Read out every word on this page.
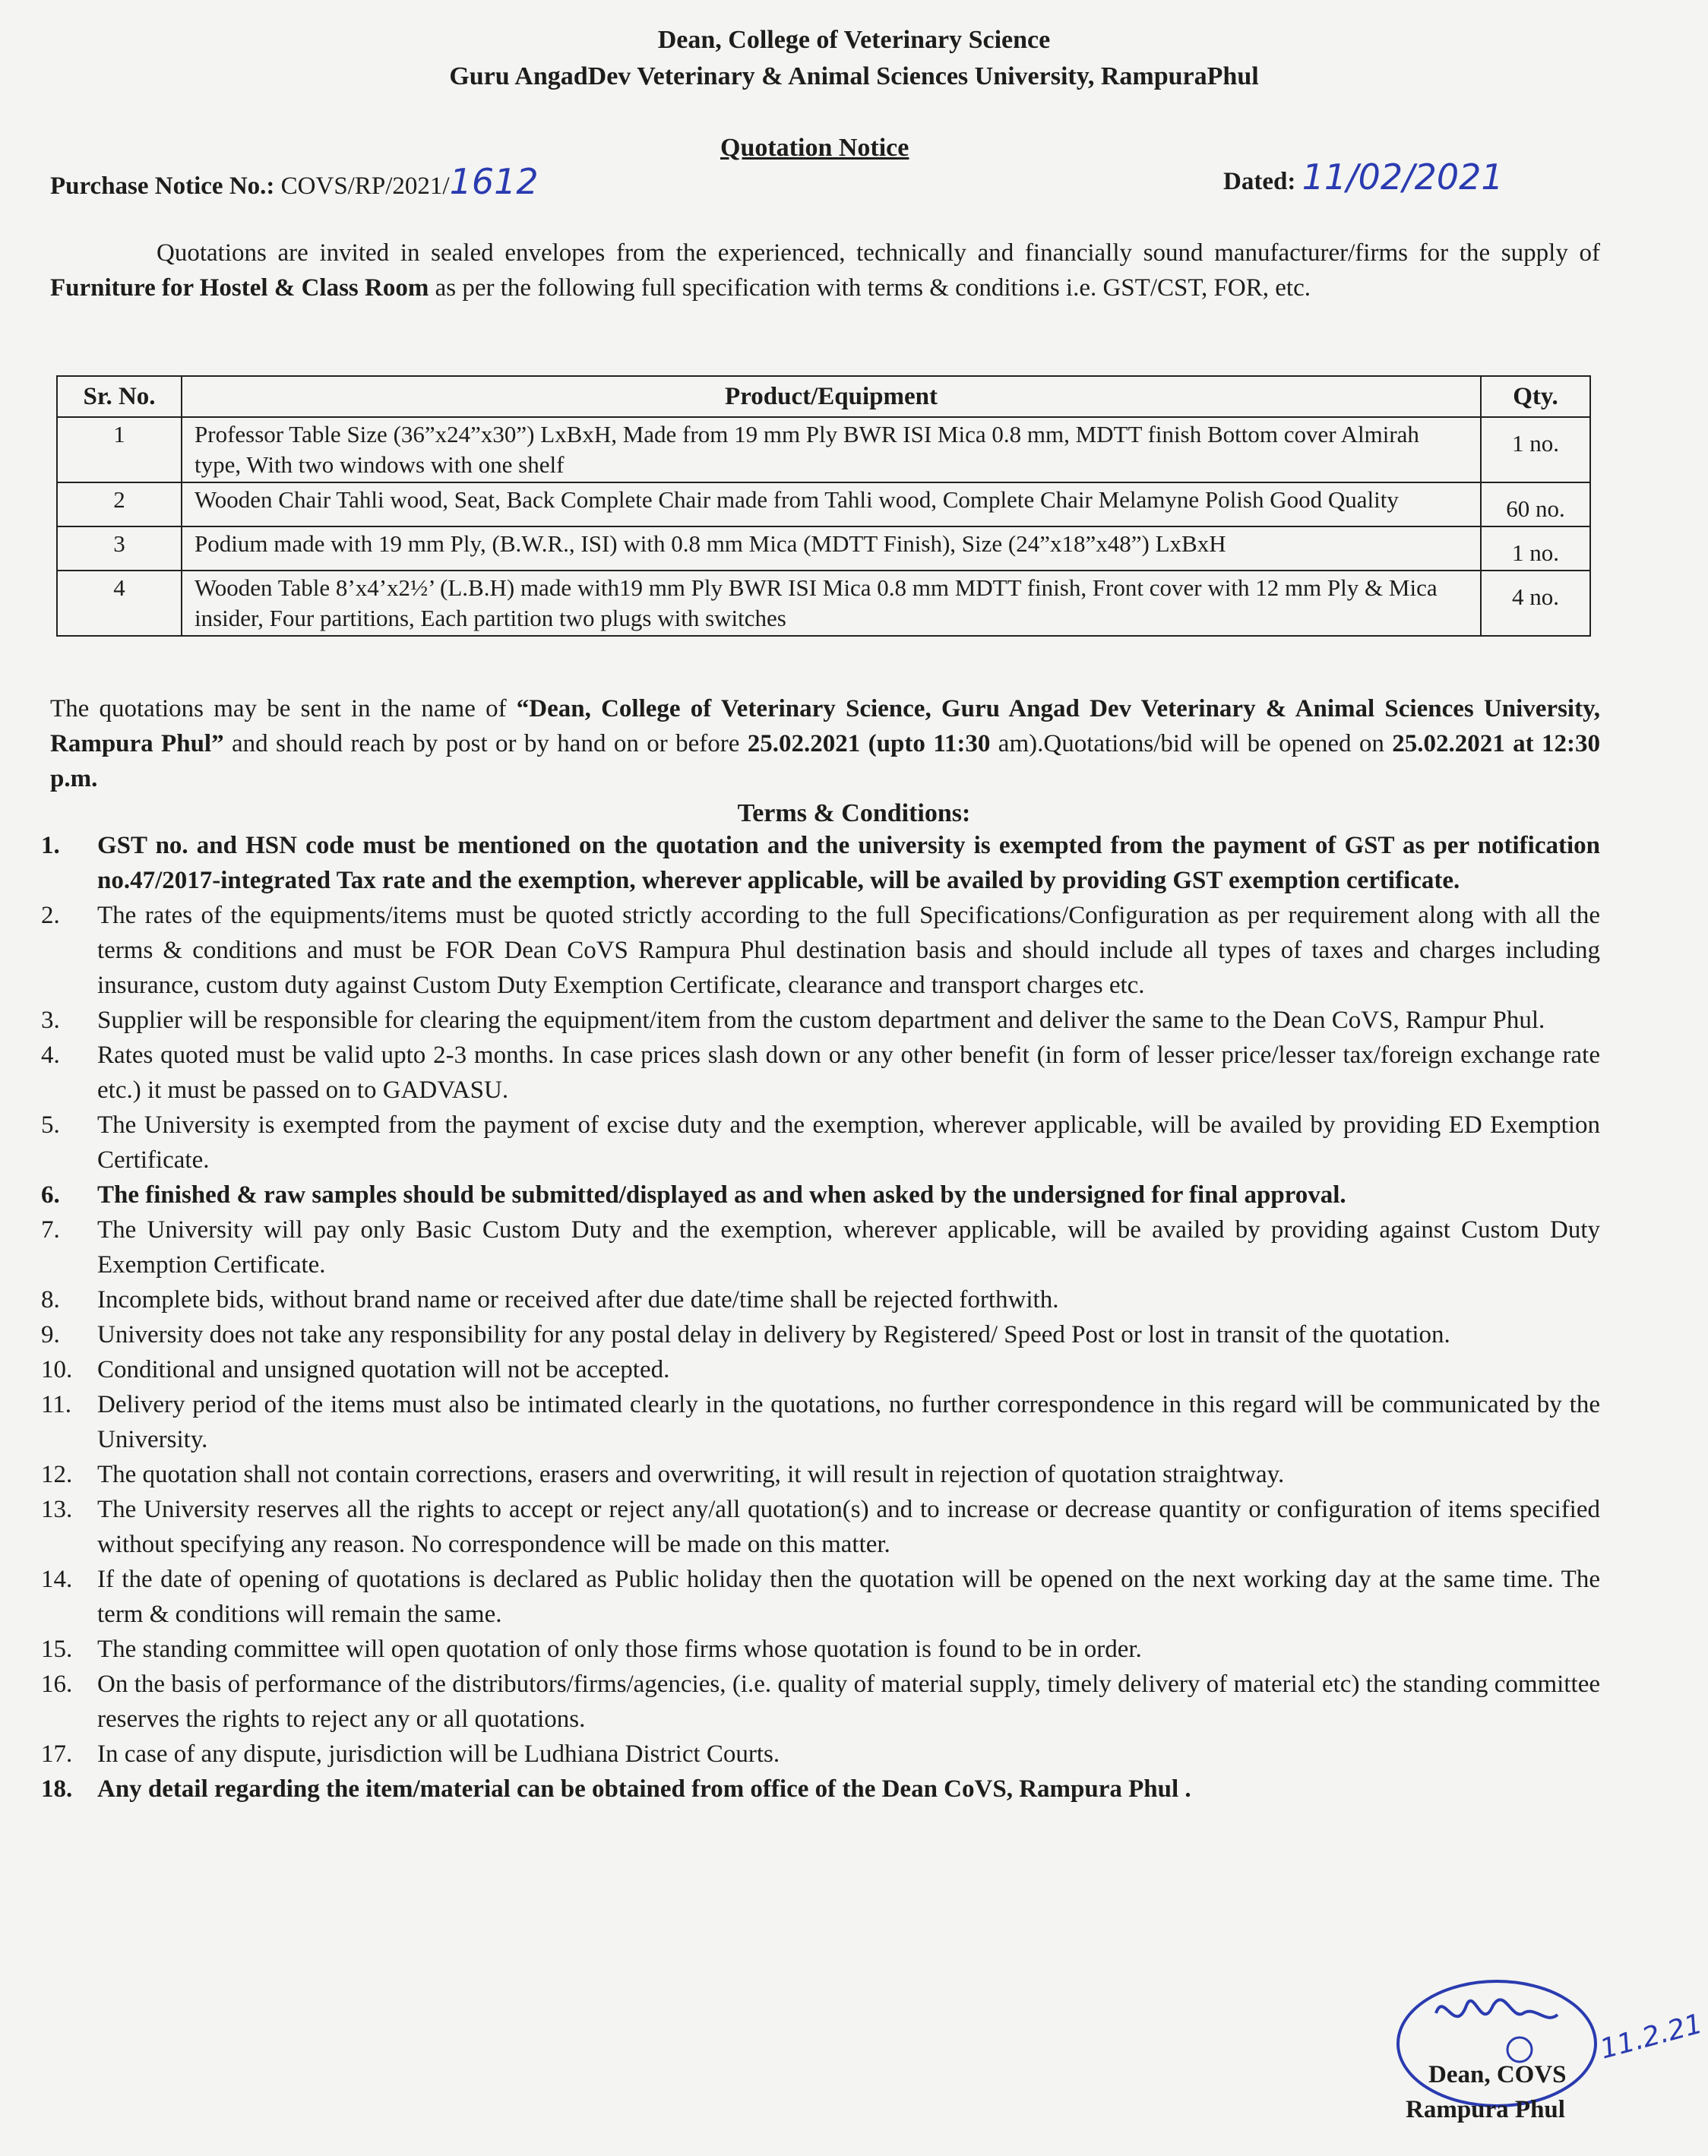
Dean, College of Veterinary Science
Guru AngadDev Veterinary & Animal Sciences University, RampuraPhul
Quotation Notice
Purchase Notice No.: COVS/RP/2021/1612	Dated: 11/02/2021
Quotations are invited in sealed envelopes from the experienced, technically and financially sound manufacturer/firms for the supply of Furniture for Hostel & Class Room as per the following full specification with terms & conditions i.e. GST/CST, FOR, etc.
Sr. No.	Product/Equipment	Qty.
1	Professor Table Size (36”x24”x30”) LxBxH, Made from 19 mm Ply BWR ISI Mica 0.8 mm, MDTT finish Bottom cover Almirah type, With two windows with one shelf	1 no.
2	Wooden Chair Tahli wood, Seat, Back Complete Chair made from Tahli wood, Complete Chair Melamyne Polish Good Quality	60 no.
3	Podium made with 19 mm Ply, (B.W.R., ISI) with 0.8 mm Mica (MDTT Finish), Size (24”x18”x48”) LxBxH	1 no.
4	Wooden Table 8’x4’x2½’ (L.B.H) made with19 mm Ply BWR ISI Mica 0.8 mm MDTT finish, Front cover with 12 mm Ply & Mica insider, Four partitions, Each partition two plugs with switches	4 no.
The quotations may be sent in the name of “Dean, College of Veterinary Science, Guru Angad Dev Veterinary & Animal Sciences University, Rampura Phul” and should reach by post or by hand on or before 25.02.2021 (upto 11:30 am).Quotations/bid will be opened on 25.02.2021 at 12:30 p.m.
Terms & Conditions:
1.	GST no. and HSN code must be mentioned on the quotation and the university is exempted from the payment of GST as per notification no.47/2017-integrated Tax rate and the exemption, wherever applicable, will be availed by providing GST exemption certificate.
2.	The rates of the equipments/items must be quoted strictly according to the full Specifications/Configuration as per requirement along with all the terms & conditions and must be FOR Dean CoVS Rampura Phul destination basis and should include all types of taxes and charges including insurance, custom duty against Custom Duty Exemption Certificate, clearance and transport charges etc.
3.	Supplier will be responsible for clearing the equipment/item from the custom department and deliver the same to the Dean CoVS, Rampur Phul.
4.	Rates quoted must be valid upto 2-3 months. In case prices slash down or any other benefit (in form of lesser price/lesser tax/foreign exchange rate etc.) it must be passed on to GADVASU.
5.	The University is exempted from the payment of excise duty and the exemption, wherever applicable, will be availed by providing ED Exemption Certificate.
6.	The finished & raw samples should be submitted/displayed as and when asked by the undersigned for final approval.
7.	The University will pay only Basic Custom Duty and the exemption, wherever applicable, will be availed by providing against Custom Duty Exemption Certificate.
8.	Incomplete bids, without brand name or received after due date/time shall be rejected forthwith.
9.	University does not take any responsibility for any postal delay in delivery by Registered/ Speed Post or lost in transit of the quotation.
10. Conditional and unsigned quotation will not be accepted.
11.	Delivery period of the items must also be intimated clearly in the quotations, no further correspondence in this regard will be communicated by the University.
12. The quotation shall not contain corrections, erasers and overwriting, it will result in rejection of quotation straightway.
13. The University reserves all the rights to accept or reject any/all quotation(s) and to increase or decrease quantity or configuration of items specified without specifying any reason. No correspondence will be made on this matter.
14. If the date of opening of quotations is declared as Public holiday then the quotation will be opened on the next working day at the same time. The term & conditions will remain the same.
15. The standing committee will open quotation of only those firms whose quotation is found to be in order.
16. On the basis of performance of the distributors/firms/agencies, (i.e. quality of material supply, timely delivery of material etc) the standing committee reserves the rights to reject any or all quotations.
17. In case of any dispute, jurisdiction will be Ludhiana District Courts.
18. Any detail regarding the item/material can be obtained from office of the Dean CoVS, Rampura Phul .
11.2.21
Dean, COVS
Rampura Phul
